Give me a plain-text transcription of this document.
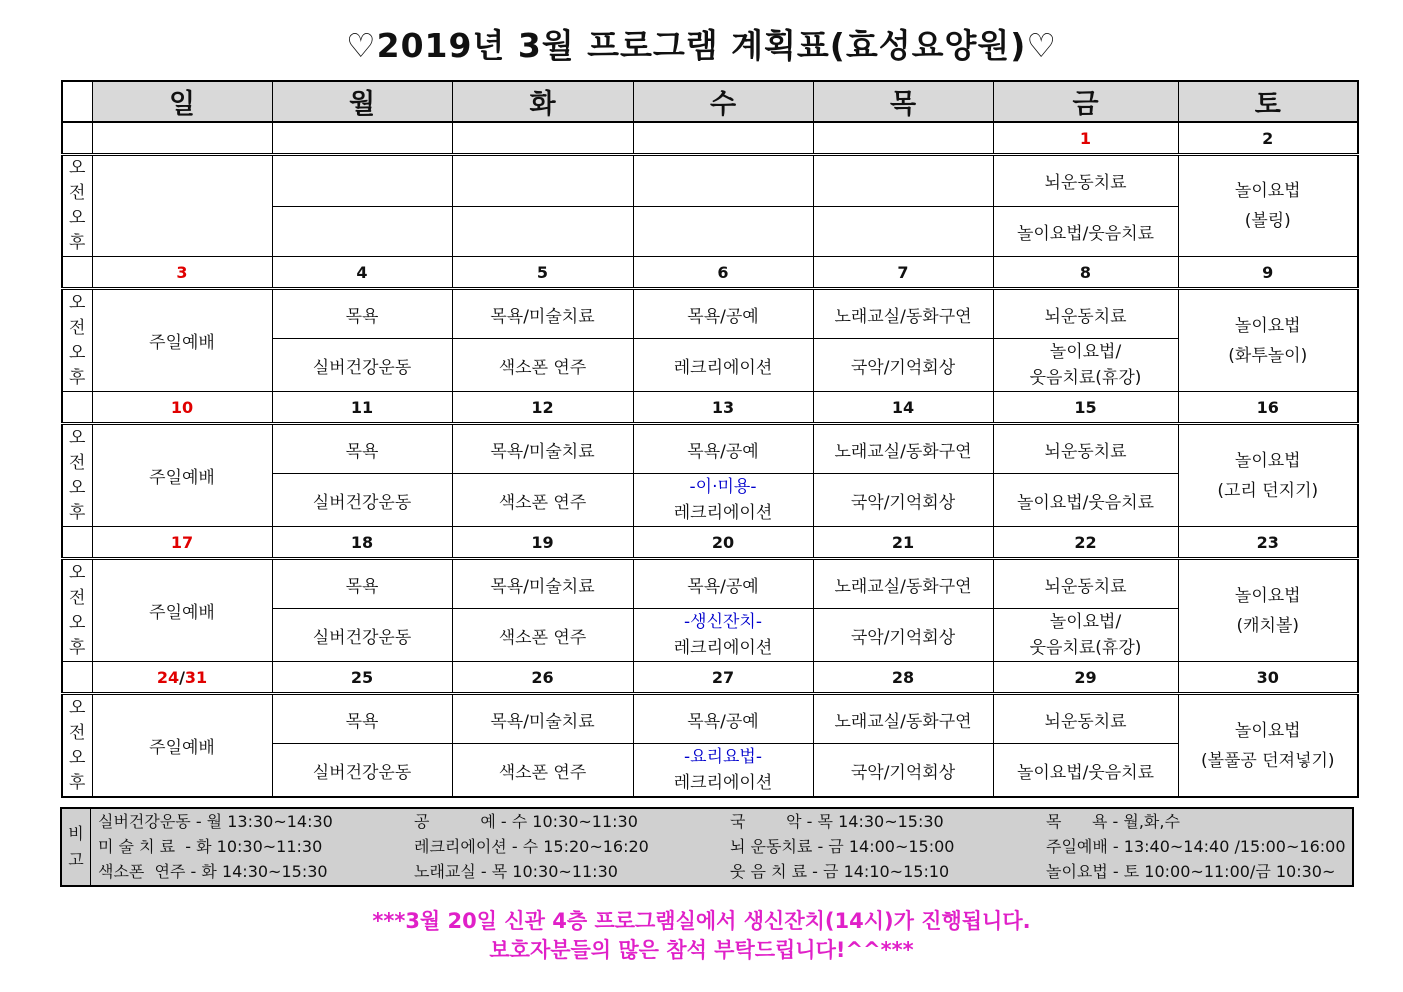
♡2019년 3월 프로그램 계획표(효성요양원)♡
	일	월	화	수	목	금	토
						1	2
오
전
오
후						뇌운동치료	놀이요법
(볼링)
						놀이요법/웃음치료	
	3	4	5	6	7	8	9
오
전
오
후	주일예배	목욕	목욕/미술치료	목욕/공예	노래교실/동화구연	뇌운동치료	놀이요법
(화투놀이)
		실버건강운동	색소폰 연주	레크리에이션	국악/기억회상	놀이요법/
웃음치료(휴강)	
	10	11	12	13	14	15	16
오
전
오
후	주일예배	목욕	목욕/미술치료	목욕/공예	노래교실/동화구연	뇌운동치료	놀이요법
(고리 던지기)
		실버건강운동	색소폰 연주	-이·미용-
레크리에이션	국악/기억회상	놀이요법/웃음치료	
	17	18	19	20	21	22	23
오
전
오
후	주일예배	목욕	목욕/미술치료	목욕/공예	노래교실/동화구연	뇌운동치료	놀이요법
(캐치볼)
		실버건강운동	색소폰 연주	-생신잔치-
레크리에이션	국악/기억회상	놀이요법/
웃음치료(휴강)	
	24/31	25	26	27	28	29	30
오
전
오
후	주일예배	목욕	목욕/미술치료	목욕/공예	노래교실/동화구연	뇌운동치료	놀이요법
(볼풀공 던져넣기)
		실버건강운동	색소폰 연주	-요리요법-
레크리에이션	국악/기억회상	놀이요법/웃음치료	
비
고
실버건강운동 - 월 13:30~14:30	공          예 - 수 10:30~11:30	국        악 - 목 14:30~15:30	목      욕 - 월,화,수
미 술 치 료  - 화 10:30~11:30	레크리에이션 - 수 15:20~16:20	뇌 운동치료 - 금 14:00~15:00	주일예배 - 13:40~14:40 /15:00~16:00
색소폰  연주 - 화 14:30~15:30	노래교실 - 목 10:30~11:30	웃 음 치 료 - 금 14:10~15:10	놀이요법 - 토 10:00~11:00/금 10:30~
***3월 20일 신관 4층 프로그램실에서 생신잔치(14시)가 진행됩니다.
보호자분들의 많은 참석 부탁드립니다!^^***
